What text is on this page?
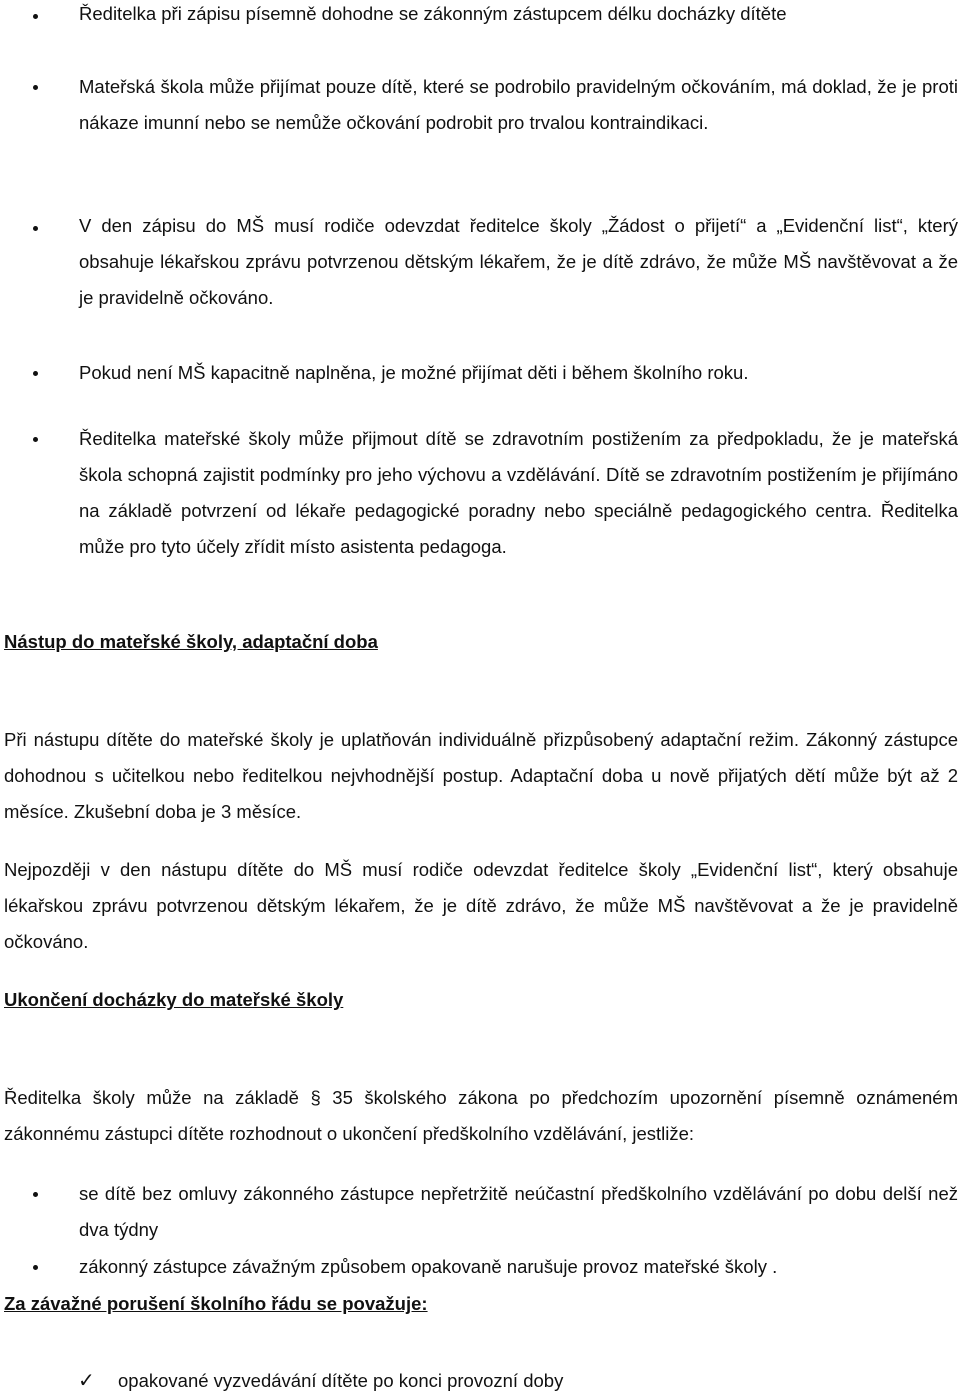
Ředitelka při zápisu písemně dohodne se zákonným zástupcem délku docházky dítěte

Mateřská škola může přijímat pouze dítě, které se podrobilo pravidelným očkováním, má doklad, že je proti nákaze imunní nebo se nemůže očkování podrobit pro trvalou kontraindikaci.

V den zápisu do MŠ musí rodiče odevzdat ředitelce školy „Žádost o přijetí“ a „Evidenční list“, který obsahuje lékařskou zprávu potvrzenou dětským lékařem, že je dítě zdrávo, že může MŠ navštěvovat a že je pravidelně očkováno.

Pokud není MŠ kapacitně naplněna, je možné přijímat děti i během školního roku.

Ředitelka mateřské školy může přijmout dítě se zdravotním postižením za předpokladu, že je mateřská škola schopná zajistit podmínky pro jeho výchovu a vzdělávání. Dítě se zdravotním postižením je přijímáno na základě potvrzení od lékaře pedagogické poradny nebo speciálně pedagogického centra. Ředitelka může pro tyto účely zřídit místo asistenta pedagoga.

Nástup do mateřské školy, adaptační doba

Při nástupu dítěte do mateřské školy je uplatňován individuálně přizpůsobený adaptační režim. Zákonný zástupce dohodnou s učitelkou nebo ředitelkou nejvhodnější postup. Adaptační doba u nově přijatých dětí může být až 2 měsíce. Zkušební doba je 3 měsíce.

Nejpozději v den nástupu dítěte do MŠ musí rodiče odevzdat ředitelce školy „Evidenční list“, který obsahuje lékařskou zprávu potvrzenou dětským lékařem, že je dítě zdrávo, že může MŠ navštěvovat a že je pravidelně očkováno.

Ukončení docházky do mateřské školy

Ředitelka školy může na základě § 35 školského zákona po předchozím upozornění písemně oznámeném zákonnému zástupci dítěte rozhodnout o ukončení předškolního vzdělávání, jestliže:

se dítě bez omluvy zákonného zástupce nepřetržitě neúčastní předškolního vzdělávání po dobu delší než dva týdny

zákonný zástupce závažným způsobem opakovaně narušuje provoz mateřské školy .

Za závažné porušení školního řádu se považuje:
✓ opakované vyzvedávání dítěte po konci provozní doby
